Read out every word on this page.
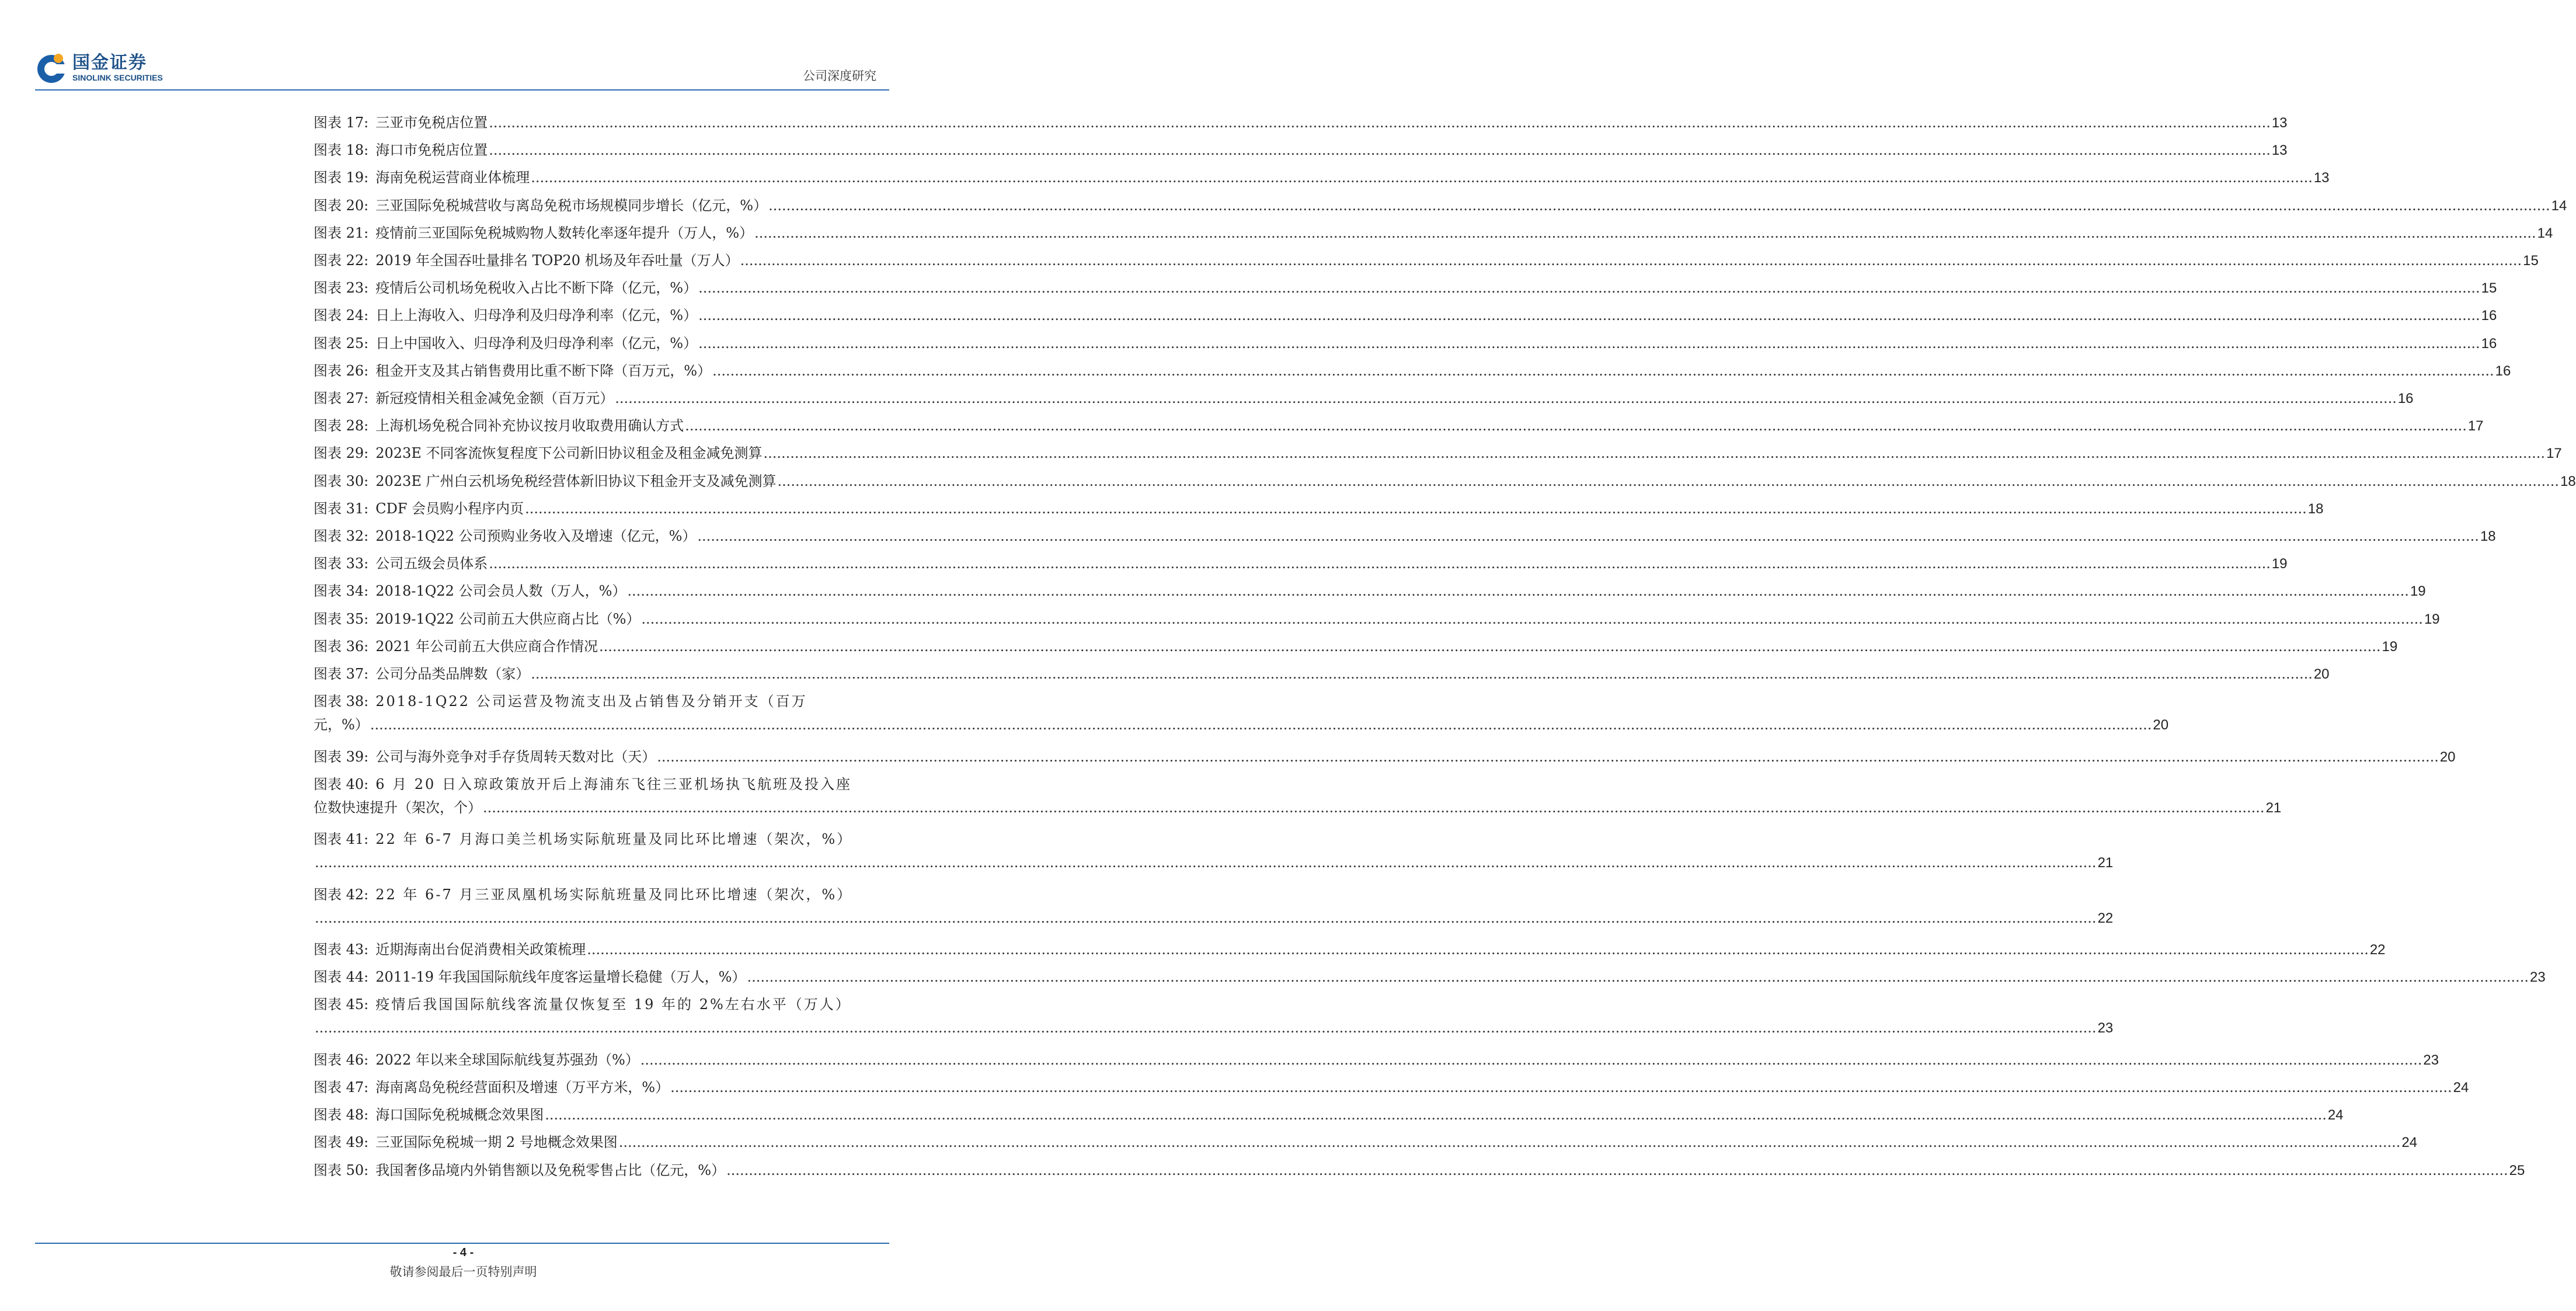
国金证券
SINOLINK SECURITIES	公司深度研究
图表 17: 三亚市免税店位置 ................................................................................................................................................................................................................................................................................................................................................................................................................ 13
图表 18: 海口市免税店位置 ................................................................................................................................................................................................................................................................................................................................................................................................................ 13
图表 19: 海南免税运营商业体梳理 ................................................................................................................................................................................................................................................................................................................................................................................................................ 13
图表 20: 三亚国际免税城营收与离岛免税市场规模同步增长（亿元，%） ................................................................................................................................................................................................................................................................................................................................................................................................................ 14
图表 21: 疫情前三亚国际免税城购物人数转化率逐年提升（万人，%） ................................................................................................................................................................................................................................................................................................................................................................................................................ 14
图表 22: 2019 年全国吞吐量排名 TOP20 机场及年吞吐量（万人） ................................................................................................................................................................................................................................................................................................................................................................................................................ 15
图表 23: 疫情后公司机场免税收入占比不断下降（亿元，%） ................................................................................................................................................................................................................................................................................................................................................................................................................ 15
图表 24: 日上上海收入、归母净利及归母净利率（亿元，%） ................................................................................................................................................................................................................................................................................................................................................................................................................ 16
图表 25: 日上中国收入、归母净利及归母净利率（亿元，%） ................................................................................................................................................................................................................................................................................................................................................................................................................ 16
图表 26: 租金开支及其占销售费用比重不断下降（百万元，%） ................................................................................................................................................................................................................................................................................................................................................................................................................ 16
图表 27: 新冠疫情相关租金减免金额（百万元） ................................................................................................................................................................................................................................................................................................................................................................................................................ 16
图表 28: 上海机场免税合同补充协议按月收取费用确认方式 ................................................................................................................................................................................................................................................................................................................................................................................................................ 17
图表 29: 2023E 不同客流恢复程度下公司新旧协议租金及租金减免测算 ................................................................................................................................................................................................................................................................................................................................................................................................................ 17
图表 30: 2023E 广州白云机场免税经营体新旧协议下租金开支及减免测算 ................................................................................................................................................................................................................................................................................................................................................................................................................ 18
图表 31: CDF 会员购小程序内页 ................................................................................................................................................................................................................................................................................................................................................................................................................ 18
图表 32: 2018-1Q22 公司预购业务收入及增速（亿元，%） ................................................................................................................................................................................................................................................................................................................................................................................................................ 18
图表 33: 公司五级会员体系 ................................................................................................................................................................................................................................................................................................................................................................................................................ 19
图表 34: 2018-1Q22 公司会员人数（万人，%） ................................................................................................................................................................................................................................................................................................................................................................................................................ 19
图表 35: 2019-1Q22 公司前五大供应商占比（%） ................................................................................................................................................................................................................................................................................................................................................................................................................ 19
图表 36: 2021 年公司前五大供应商合作情况 ................................................................................................................................................................................................................................................................................................................................................................................................................ 19
图表 37: 公司分品类品牌数（家） ................................................................................................................................................................................................................................................................................................................................................................................................................ 20
图表 38: 2018-1Q22 公司运营及物流支出及占销售及分销开支（百万
元，%） ................................................................................................................................................................................................................................................................................................................................................................................................................ 20
图表 39: 公司与海外竞争对手存货周转天数对比（天） ................................................................................................................................................................................................................................................................................................................................................................................................................ 20
图表 40: 6 月 20 日入琼政策放开后上海浦东飞往三亚机场执飞航班及投入座
位数快速提升（架次，个） ................................................................................................................................................................................................................................................................................................................................................................................................................ 21
图表 41: 22 年 6-7 月海口美兰机场实际航班量及同比环比增速（架次，%）
................................................................................................................................................................................................................................................................................................................................................................................................................ 21
图表 42: 22 年 6-7 月三亚凤凰机场实际航班量及同比环比增速（架次，%）
................................................................................................................................................................................................................................................................................................................................................................................................................ 22
图表 43: 近期海南出台促消费相关政策梳理 ................................................................................................................................................................................................................................................................................................................................................................................................................ 22
图表 44: 2011-19 年我国国际航线年度客运量增长稳健（万人，%） ................................................................................................................................................................................................................................................................................................................................................................................................................ 23
图表 45: 疫情后我国国际航线客流量仅恢复至 19 年的 2%左右水平（万人）
................................................................................................................................................................................................................................................................................................................................................................................................................ 23
图表 46: 2022 年以来全球国际航线复苏强劲（%） ................................................................................................................................................................................................................................................................................................................................................................................................................ 23
图表 47: 海南离岛免税经营面积及增速（万平方米，%） ................................................................................................................................................................................................................................................................................................................................................................................................................ 24
图表 48: 海口国际免税城概念效果图 ................................................................................................................................................................................................................................................................................................................................................................................................................ 24
图表 49: 三亚国际免税城一期 2 号地概念效果图 ................................................................................................................................................................................................................................................................................................................................................................................................................ 24
图表 50: 我国奢侈品境内外销售额以及免税零售占比（亿元，%） ................................................................................................................................................................................................................................................................................................................................................................................................................ 25
- 4 -
敬请参阅最后一页特别声明
